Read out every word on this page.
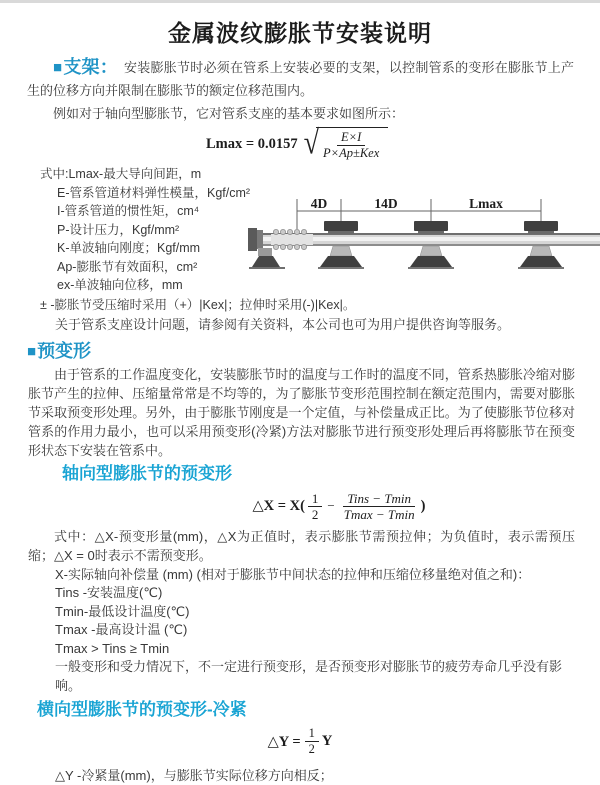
金属波纹膨胀节安装说明

■支架： 安装膨胀节时必须在管系上安装必要的支架，以控制管系的变形在膨胀节上产生的位移方向并限制在膨胀节的额定位移范围内。

例如对于轴向型膨胀节，它对管系支座的基本要求如图所示：

Lmax = 0.0157 √ $\frac{E\times I}{\text{P×Ap±Kex}}$
式中:Lmax-最大导向间距，m
E-管系管道材料弹性模量，Kgf/cm²
I-管系管道的惯性矩，cm⁴
P-设计压力，Kgf/mm²
K-单波轴向刚度；Kgf/mm
Ap-膨胀节有效面积，cm²
ex-单波轴向位移，mm
4D	14D	Lmax
± -膨胀节受压缩时采用（+）|Kex|；拉伸时采用(-)|Kex|。
关于管系支座设计问题，请参阅有关资料，本公司也可为用户提供咨询等服务。
■预变形

由于管系的工作温度变化，安装膨胀节时的温度与工作时的温度不同，管系热膨胀冷缩对膨胀节产生的拉伸、压缩量常常是不均等的，为了膨胀节变形范围控制在额定范围内，需要对膨胀节采取预变形处理。另外，由于膨胀节刚度是一个定值，与补偿量成正比。为了使膨胀节位移对管系的作用力最小，也可以采用预变形(冷紧)方法对膨胀节进行预变形处理后再将膨胀节在预变形状态下安装在管系中。

轴向型膨胀节的预变形
△X = $X( \frac{1}{2} - \frac{\text{Tins − Tmin}}{Tmax - Tmin}$ )

式中：△X-预变形量(mm)，△X为正值时，表示膨胀节需预拉伸；为负值时，表示需预压缩；△X = 0时表示不需预变形。

X-实际轴向补偿量 (mm) (相对于膨胀节中间状态的拉伸和压缩位移量绝对值之和)：
Tins -安装温度(℃)
Tmin-最低设计温度(℃)
Tmax -最高设计温 (℃)
Tmax > Tins ≥ Tmin
一般变形和受力情况下，不一定进行预变形，是否预变形对膨胀节的疲劳寿命几乎没有影响。
横向型膨胀节的预变形-冷紧
△Y = $\frac{1}{2}$ Y
△Y -冷紧量(mm)，与膨胀节实际位移方向相反；
